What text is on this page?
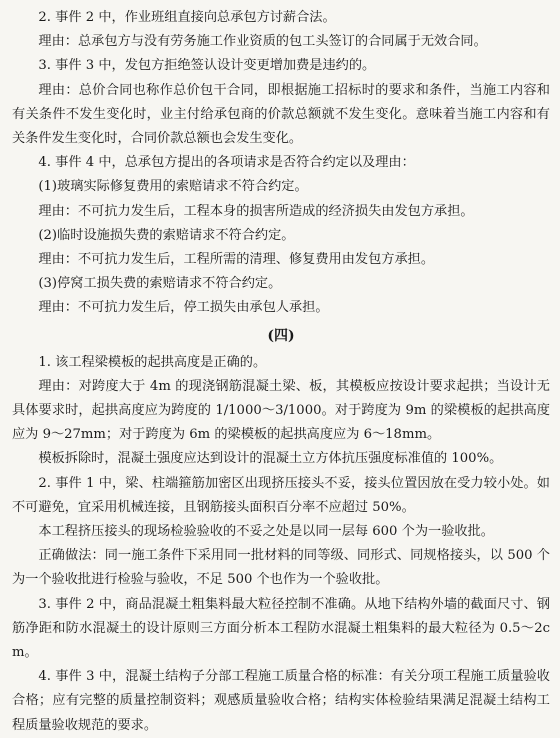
2. 事件 2 中，作业班组直接向总承包方讨薪合法。

理由：总承包方与没有劳务施工作业资质的包工头签订的合同属于无效合同。

3. 事件 3 中，发包方拒绝签认设计变更增加费是违约的。

理由：总价合同也称作总价包干合同，即根据施工招标时的要求和条件，当施工内容和有关条件不发生变化时，业主付给承包商的价款总额就不发生变化。意味着当施工内容和有关条件发生变化时，合同价款总额也会发生变化。

4. 事件 4 中，总承包方提出的各项请求是否符合约定以及理由：

(1)玻璃实际修复费用的索赔请求不符合约定。

理由：不可抗力发生后，工程本身的损害所造成的经济损失由发包方承担。

(2)临时设施损失费的索赔请求不符合约定。

理由：不可抗力发生后，工程所需的清理、修复费用由发包方承担。

(3)停窝工损失费的索赔请求不符合约定。

理由：不可抗力发生后，停工损失由承包人承担。

(四)

1. 该工程梁模板的起拱高度是正确的。

理由：对跨度大于 4m 的现浇钢筋混凝土梁、板，其模板应按设计要求起拱；当设计无具体要求时，起拱高度应为跨度的 1/1000～3/1000。对于跨度为 9m 的梁模板的起拱高度应为 9～27mm；对于跨度为 6m 的梁模板的起拱高度应为 6～18mm。

模板拆除时，混凝土强度应达到设计的混凝土立方体抗压强度标准值的 100%。

2. 事件 1 中，梁、柱端箍筋加密区出现挤压接头不妥，接头位置因放在受力较小处。如不可避免，宜采用机械连接，且钢筋接头面积百分率不应超过 50%。

本工程挤压接头的现场检验验收的不妥之处是以同一层每 600 个为一验收批。

正确做法：同一施工条件下采用同一批材料的同等级、同形式、同规格接头，以 500 个为一个验收批进行检验与验收，不足 500 个也作为一个验收批。

3. 事件 2 中，商品混凝土粗集料最大粒径控制不准确。从地下结构外墙的截面尺寸、钢筋净距和防水混凝土的设计原则三方面分析本工程防水混凝土粗集料的最大粒径为 0.5～2cm。

4. 事件 3 中，混凝土结构子分部工程施工质量合格的标准：有关分项工程施工质量验收合格；应有完整的质量控制资料；观感质量验收合格；结构实体检验结果满足混凝土结构工程质量验收规范的要求。
